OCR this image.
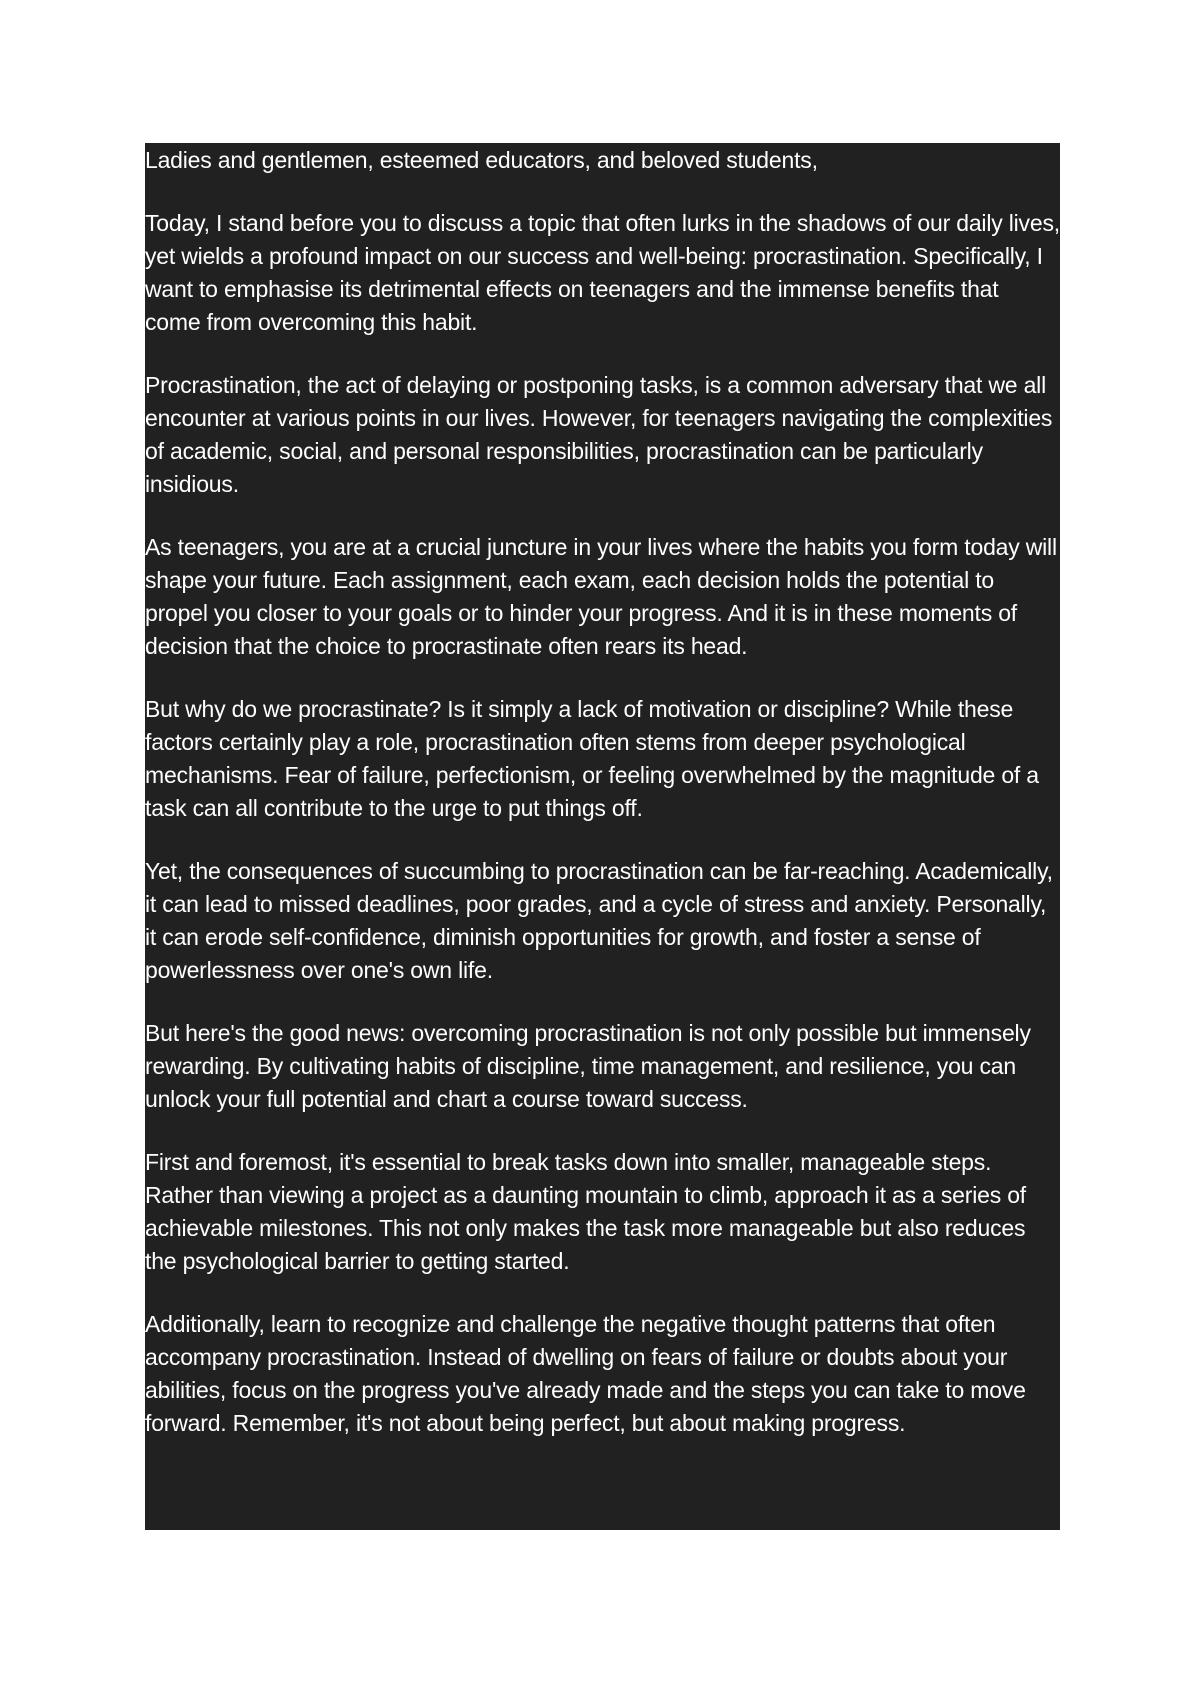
Ladies and gentlemen, esteemed educators, and beloved students,

Today, I stand before you to discuss a topic that often lurks in the shadows of our daily lives, yet wields a profound impact on our success and well-being: procrastination. Specifically, I want to emphasise its detrimental effects on teenagers and the immense benefits that come from overcoming this habit.

Procrastination, the act of delaying or postponing tasks, is a common adversary that we all encounter at various points in our lives. However, for teenagers navigating the complexities of academic, social, and personal responsibilities, procrastination can be particularly insidious.

As teenagers, you are at a crucial juncture in your lives where the habits you form today will shape your future. Each assignment, each exam, each decision holds the potential to propel you closer to your goals or to hinder your progress. And it is in these moments of decision that the choice to procrastinate often rears its head.

But why do we procrastinate? Is it simply a lack of motivation or discipline? While these factors certainly play a role, procrastination often stems from deeper psychological mechanisms. Fear of failure, perfectionism, or feeling overwhelmed by the magnitude of a task can all contribute to the urge to put things off.

Yet, the consequences of succumbing to procrastination can be far-reaching. Academically, it can lead to missed deadlines, poor grades, and a cycle of stress and anxiety. Personally, it can erode self-confidence, diminish opportunities for growth, and foster a sense of powerlessness over one's own life.

But here's the good news: overcoming procrastination is not only possible but immensely rewarding. By cultivating habits of discipline, time management, and resilience, you can unlock your full potential and chart a course toward success.

First and foremost, it's essential to break tasks down into smaller, manageable steps. Rather than viewing a project as a daunting mountain to climb, approach it as a series of achievable milestones. This not only makes the task more manageable but also reduces the psychological barrier to getting started.

Additionally, learn to recognize and challenge the negative thought patterns that often accompany procrastination. Instead of dwelling on fears of failure or doubts about your abilities, focus on the progress you've already made and the steps you can take to move forward. Remember, it's not about being perfect, but about making progress.
